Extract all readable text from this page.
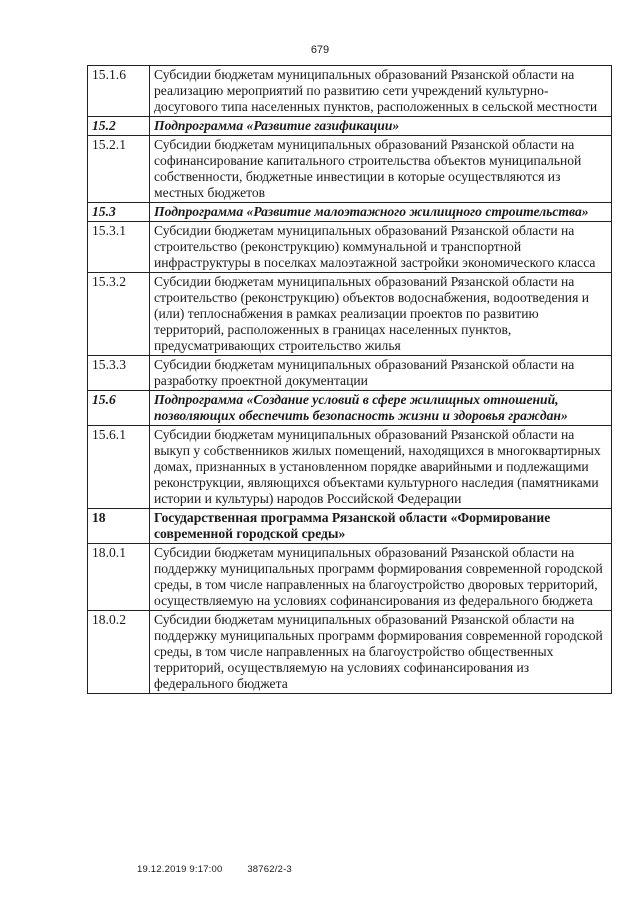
679
15.1.6	Субсидии бюджетам муниципальных образований Рязанской области на реализацию мероприятий по развитию сети учреждений культурно-досугового типа населенных пунктов, расположенных в сельской местности
15.2	Подпрограмма «Развитие газификации»
15.2.1	Субсидии бюджетам муниципальных образований Рязанской области на софинансирование капитального строительства объектов муниципальной собственности, бюджетные инвестиции в которые осуществляются из местных бюджетов
15.3	Подпрограмма «Развитие малоэтажного жилищного строительства»
15.3.1	Субсидии бюджетам муниципальных образований Рязанской области на строительство (реконструкцию) коммунальной и транспортной инфраструктуры в поселках малоэтажной застройки экономического класса
15.3.2	Субсидии бюджетам муниципальных образований Рязанской области на строительство (реконструкцию) объектов водоснабжения, водоотведения и (или) теплоснабжения в рамках реализации проектов по развитию территорий, расположенных в границах населенных пунктов, предусматривающих строительство жилья
15.3.3	Субсидии бюджетам муниципальных образований Рязанской области на разработку проектной документации
15.6	Подпрограмма «Создание условий в сфере жилищных отношений, позволяющих обеспечить безопасность жизни и здоровья граждан»
15.6.1	Субсидии бюджетам муниципальных образований Рязанской области на выкуп у собственников жилых помещений, находящихся в многоквартирных домах, признанных в установленном порядке аварийными и подлежащими реконструкции, являющихся объектами культурного наследия (памятниками истории и культуры) народов Российской Федерации
18	Государственная программа Рязанской области «Формирование современной городской среды»
18.0.1	Субсидии бюджетам муниципальных образований Рязанской области на поддержку муниципальных программ формирования современной городской среды, в том числе направленных на благоустройство дворовых территорий, осуществляемую на условиях софинансирования из федерального бюджета
18.0.2	Субсидии бюджетам муниципальных образований Рязанской области на поддержку муниципальных программ формирования современной городской среды, в том числе направленных на благоустройство общественных территорий, осуществляемую на условиях софинансирования из федерального бюджета
19.12.2019 9:17:00	38762/2-3
